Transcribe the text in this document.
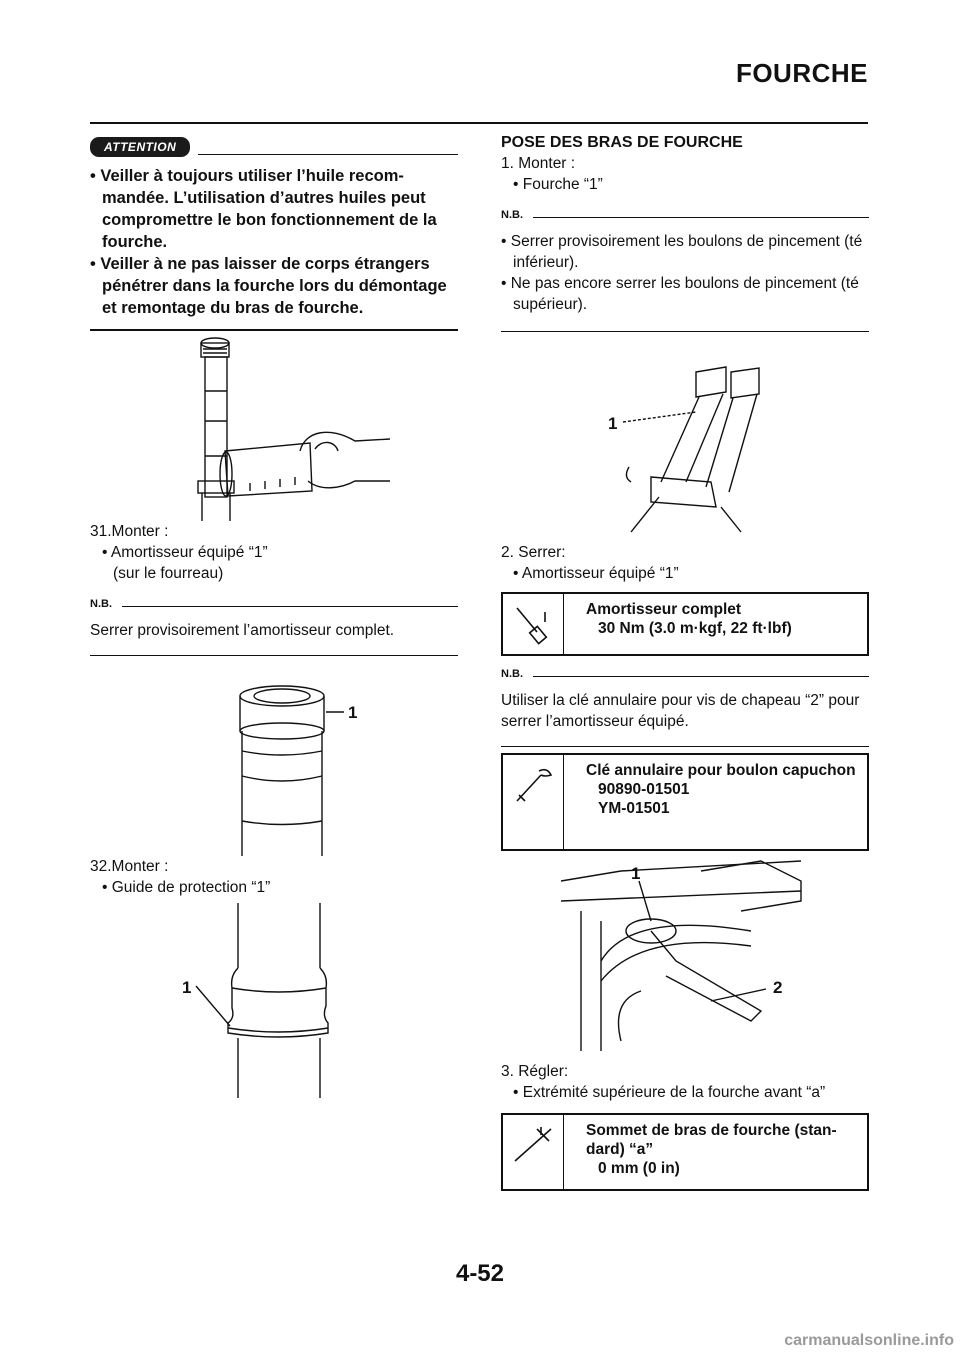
FOURCHE
ATTENTION
• Veiller à toujours utiliser l’huile recommandée. L’utilisation d’autres huiles peut compromettre le bon fonctionnement de la fourche.
• Veiller à ne pas laisser de corps étrangers pénétrer dans la fourche lors du démontage et remontage du bras de fourche.
31.Monter :
• Amortisseur équipé “1”
(sur le fourreau)
N.B.
Serrer provisoirement l’amortisseur complet.
1
32.Monter :
• Guide de protection “1”
1
POSE DES BRAS DE FOURCHE
1. Monter :
• Fourche “1”
N.B.
• Serrer provisoirement les boulons de pincement (té inférieur).
• Ne pas encore serrer les boulons de pincement (té supérieur).
1
2. Serrer:
• Amortisseur équipé “1”
Amortisseur complet
30 Nm (3.0 m·kgf, 22 ft·lbf)
N.B.
Utiliser la clé annulaire pour vis de chapeau “2” pour serrer l’amortisseur équipé.
Clé annulaire pour boulon capuchon
90890-01501
YM-01501
1
2
3. Régler:
• Extrémité supérieure de la fourche avant “a”
Sommet de bras de fourche (standard) “a”
0 mm (0 in)
4-52
carmanualsonline.info
